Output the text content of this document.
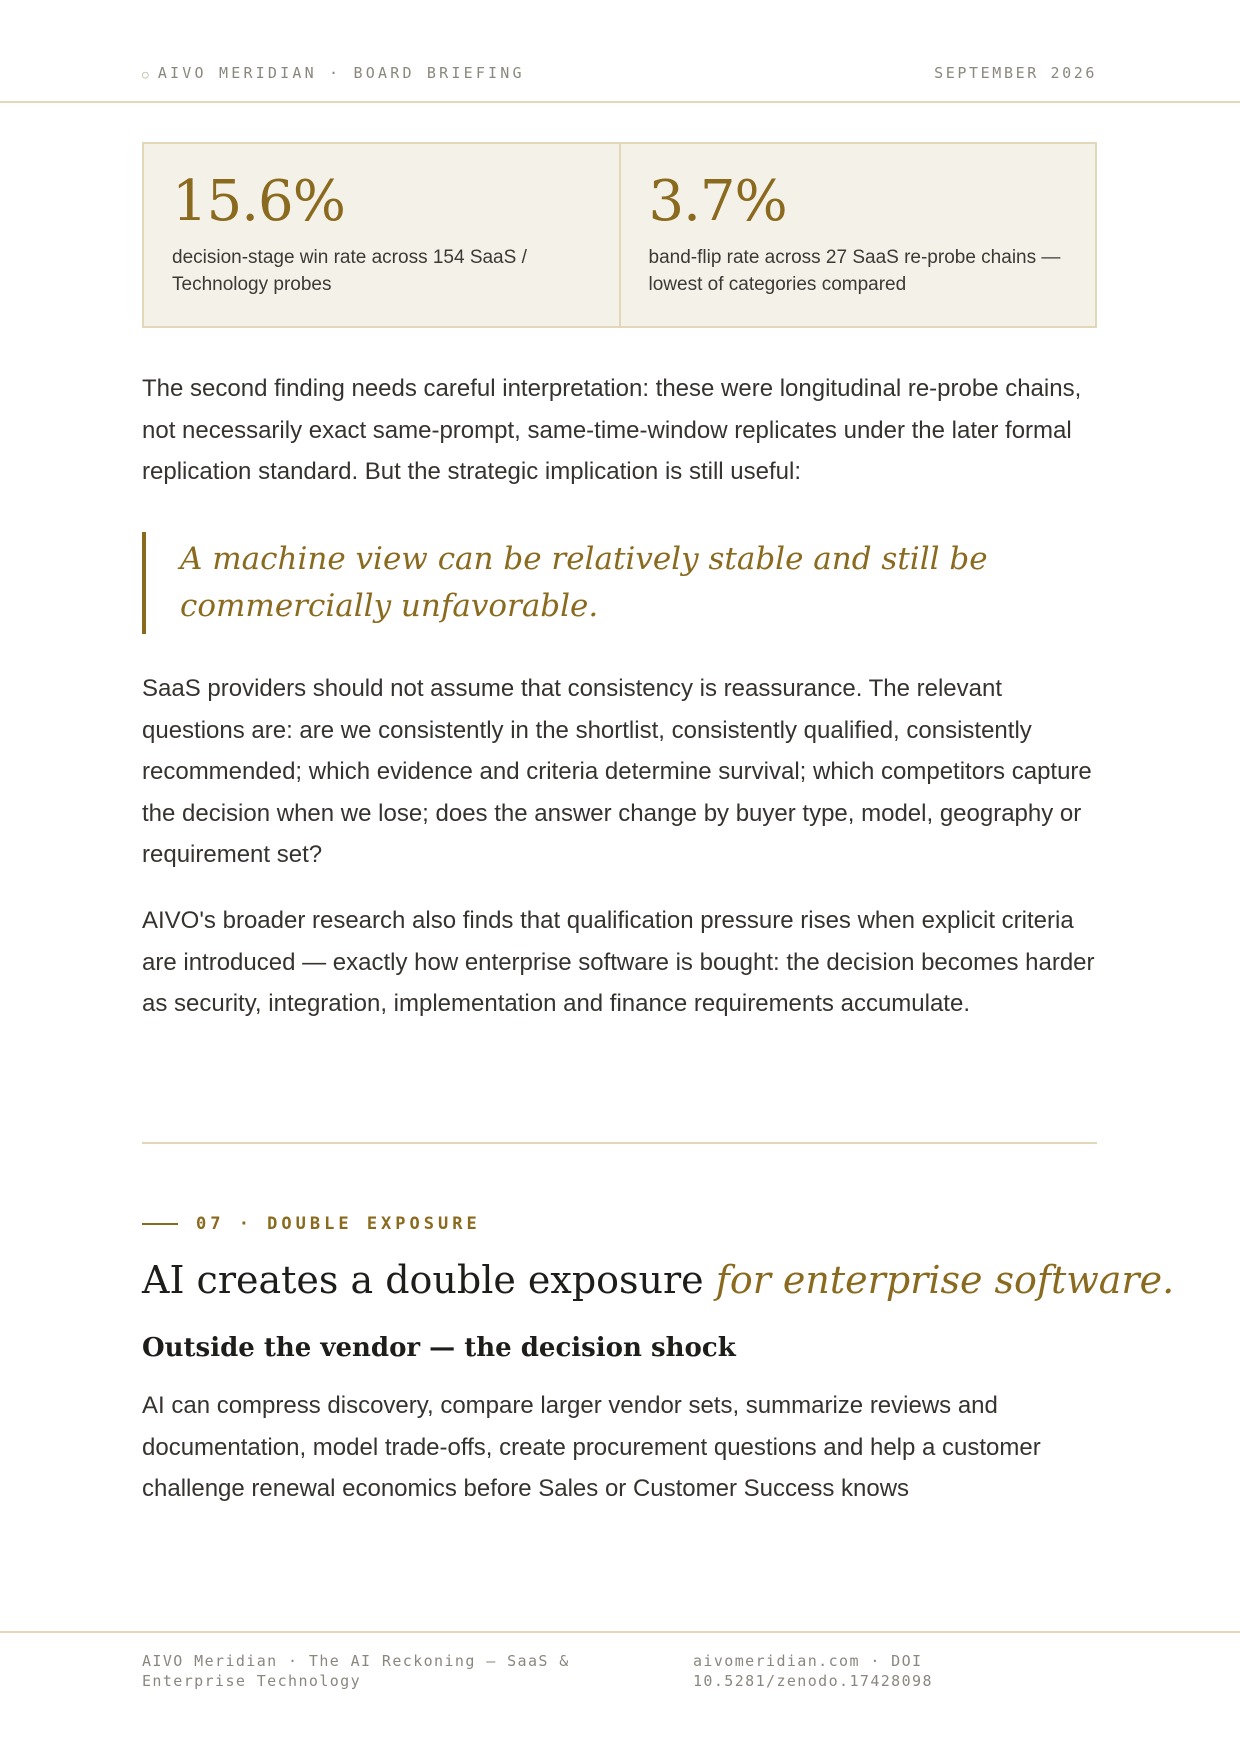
○ AIVO MERIDIAN · BOARD BRIEFING	SEPTEMBER 2026
15.6%
decision-stage win rate across 154 SaaS / Technology probes
3.7%
band-flip rate across 27 SaaS re-probe chains — lowest of categories compared

The second finding needs careful interpretation: these were longitudinal re-probe chains, not necessarily exact same-prompt, same-time-window replicates under the later formal replication standard. But the strategic implication is still useful:

A machine view can be relatively stable and still be commercially unfavorable.

SaaS providers should not assume that consistency is reassurance. The relevant questions are: are we consistently in the shortlist, consistently qualified, consistently recommended; which evidence and criteria determine survival; which competitors capture the decision when we lose; does the answer change by buyer type, model, geography or requirement set?

AIVO's broader research also finds that qualification pressure rises when explicit criteria are introduced — exactly how enterprise software is bought: the decision becomes harder as security, integration, implementation and finance requirements accumulate.

07 · DOUBLE EXPOSURE
AI creates a double exposure for enterprise software.
Outside the vendor — the decision shock

AI can compress discovery, compare larger vendor sets, summarize reviews and documentation, model trade-offs, create procurement questions and help a customer challenge renewal economics before Sales or Customer Success knows

AIVO Meridian · The AI Reckoning — SaaS & Enterprise Technology
aivomeridian.com · DOI 10.5281/zenodo.17428098
